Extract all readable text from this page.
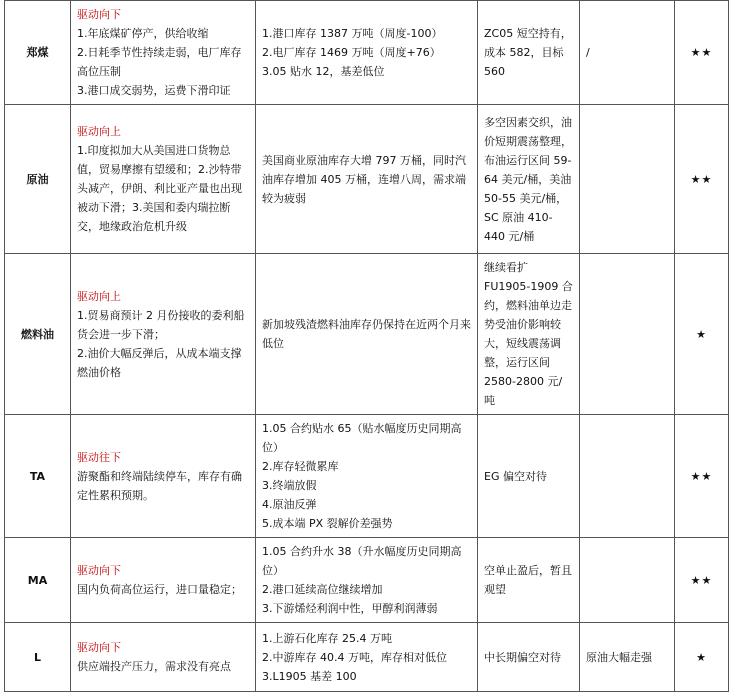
郑煤	驱动向下
1.年底煤矿停产，供给收缩
2.日耗季节性持续走弱，电厂库存高位压制
3.港口成交弱势，运费下滑印证	1.港口库存 1387 万吨（周度-100）
2.电厂库存 1469 万吨（周度+76）
3.05 贴水 12，基差低位	ZC05 短空持有，成本 582，目标 560	/	★★
原油	驱动向上
1.印度拟加大从美国进口货物总值，贸易摩擦有望缓和；2.沙特带头减产，伊朗、利比亚产量也出现被动下滑；3.美国和委内瑞拉断交，地缘政治危机升级	美国商业原油库存大增 797 万桶，同时汽油库存增加 405 万桶，连增八周，需求端较为疲弱	多空因素交织，油价短期震荡整理，布油运行区间 59-64 美元/桶，美油 50-55 美元/桶，SC 原油 410-440 元/桶		★★
燃料油	驱动向上
1.贸易商预计 2 月份接收的委利船货会进一步下滑；
2.油价大幅反弹后，从成本端支撑燃油价格	新加坡残渣燃料油库存仍保持在近两个月来低位	继续看扩 FU1905-1909 合约，燃料油单边走势受油价影响较大，短线震荡调整，运行区间 2580-2800 元/吨		★
TA	驱动往下
游聚酯和终端陆续停车，库存有确定性累积预期。	1.05 合约贴水 65（贴水幅度历史同期高位）
2.库存轻微累库
3.终端放假
4.原油反弹
5.成本端 PX 裂解价差强势	EG 偏空对待		★★
MA	驱动向下
国内负荷高位运行，进口量稳定；	1.05 合约升水 38（升水幅度历史同期高位）
2.港口延续高位继续增加
3.下游烯烃利润中性，甲醇利润薄弱	空单止盈后，暂且观望		★★
L	驱动向下
供应端投产压力，需求没有亮点	1.上游石化库存 25.4 万吨
2.中游库存 40.4 万吨，库存相对低位
3.L1905 基差 100	中长期偏空对待	原油大幅走强	★
